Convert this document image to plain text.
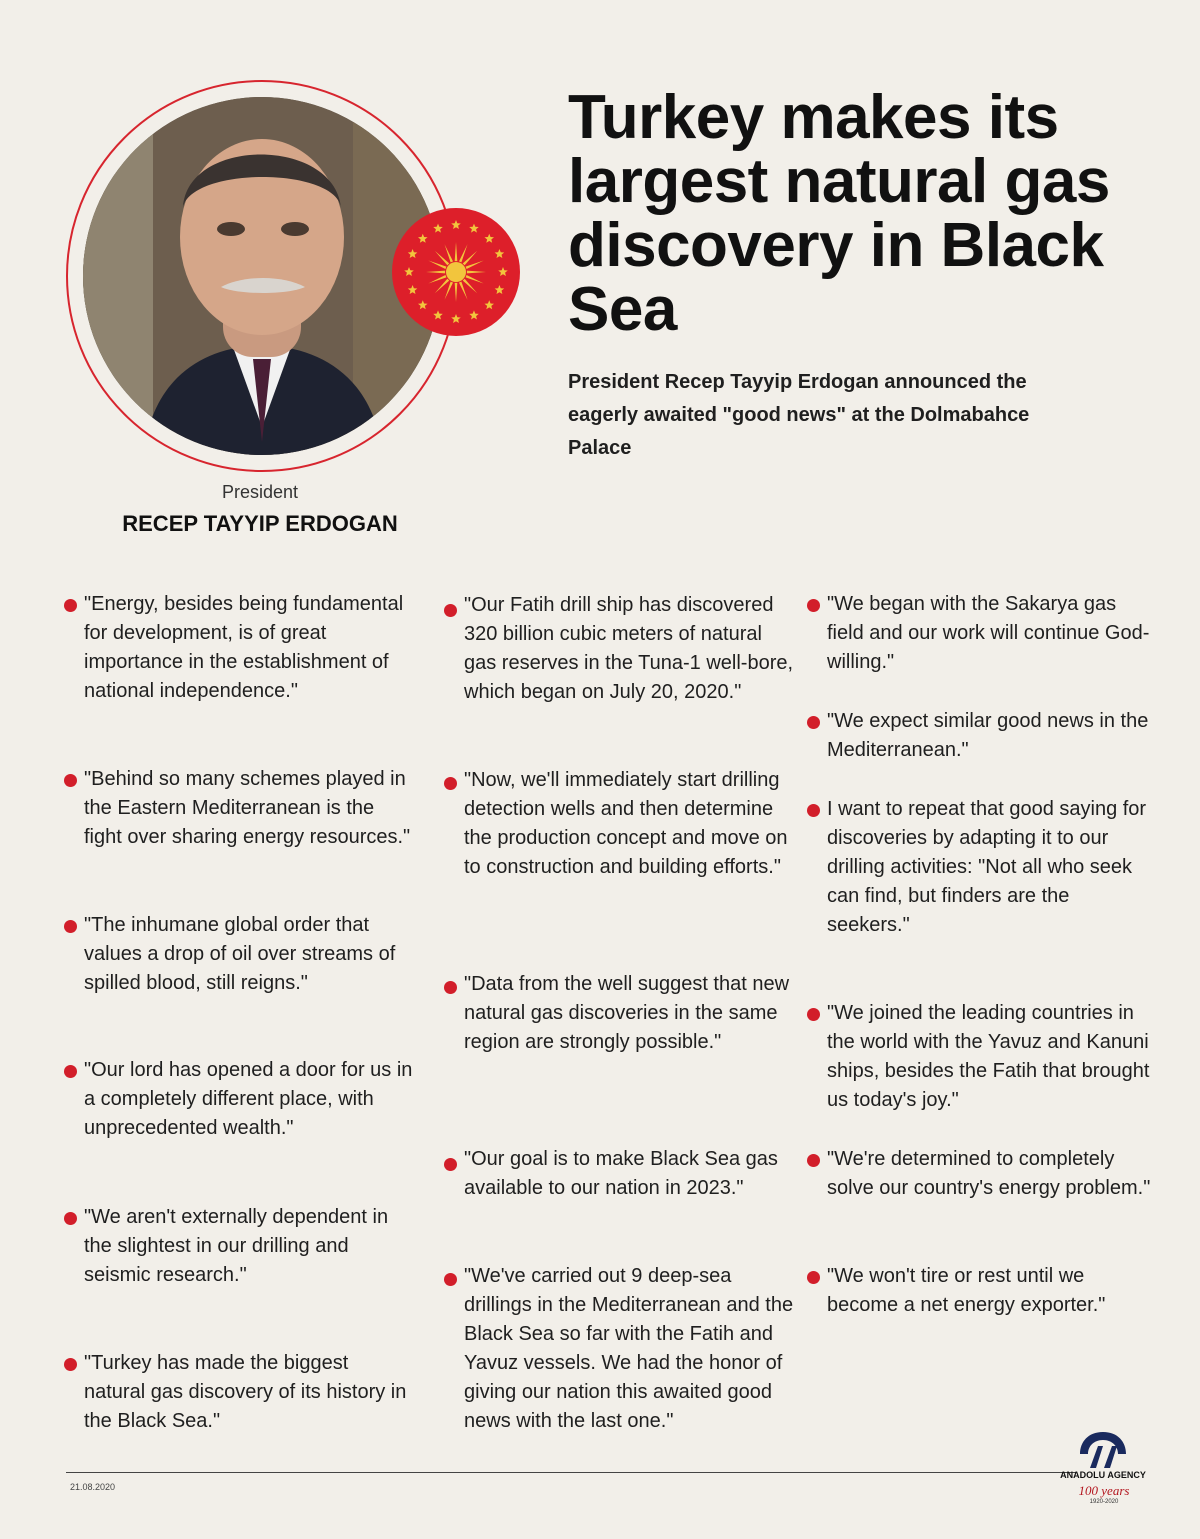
Turkey makes its largest natural gas discovery in Black Sea

President Recep Tayyip Erdogan announced the eagerly awaited "good news" at the Dolmabahce Palace

President
RECEP TAYYIP ERDOGAN
"Energy, besides being fundamental for development, is of great importance in the establishment of national independence."
"Behind so many schemes played in the Eastern Mediterranean is the fight over sharing energy resources."
"The inhumane global order that values a drop of oil over streams of spilled blood, still reigns."
"Our lord has opened a door for us in a completely different place, with unprecedented wealth."
"We aren't externally dependent in the slightest in our drilling and seismic research."
"Turkey has made the biggest natural gas discovery of its history in the Black Sea."
"Our Fatih drill ship has discovered 320 billion cubic meters of natural gas reserves in the Tuna-1 well-bore, which began on July 20, 2020."
"Now, we'll immediately start drilling detection wells and then determine the production concept and move on to construction and building efforts."
"Data from the well suggest that new natural gas discoveries in the same region are strongly possible."
"Our goal is to make Black Sea gas available to our nation in 2023."
"We've carried out 9 deep-sea drillings in the Mediterranean and the Black Sea so far with the Fatih and Yavuz vessels. We had the honor of giving our nation this awaited good news with the last one."
"We began with the Sakarya gas field and our work will continue God-willing."
"We expect similar good news in the Mediterranean."
I want to repeat that good saying for discoveries by adapting it to our drilling activities: "Not all who seek can find, but finders are the seekers."
"We joined the leading countries in the world with the Yavuz and Kanuni ships, besides the Fatih that brought us today's joy."
"We're determined to completely solve our country's energy problem."
"We won't tire or rest until we become a net energy exporter."
21.08.2020
ANADOLU AGENCY
100 years
1920-2020
